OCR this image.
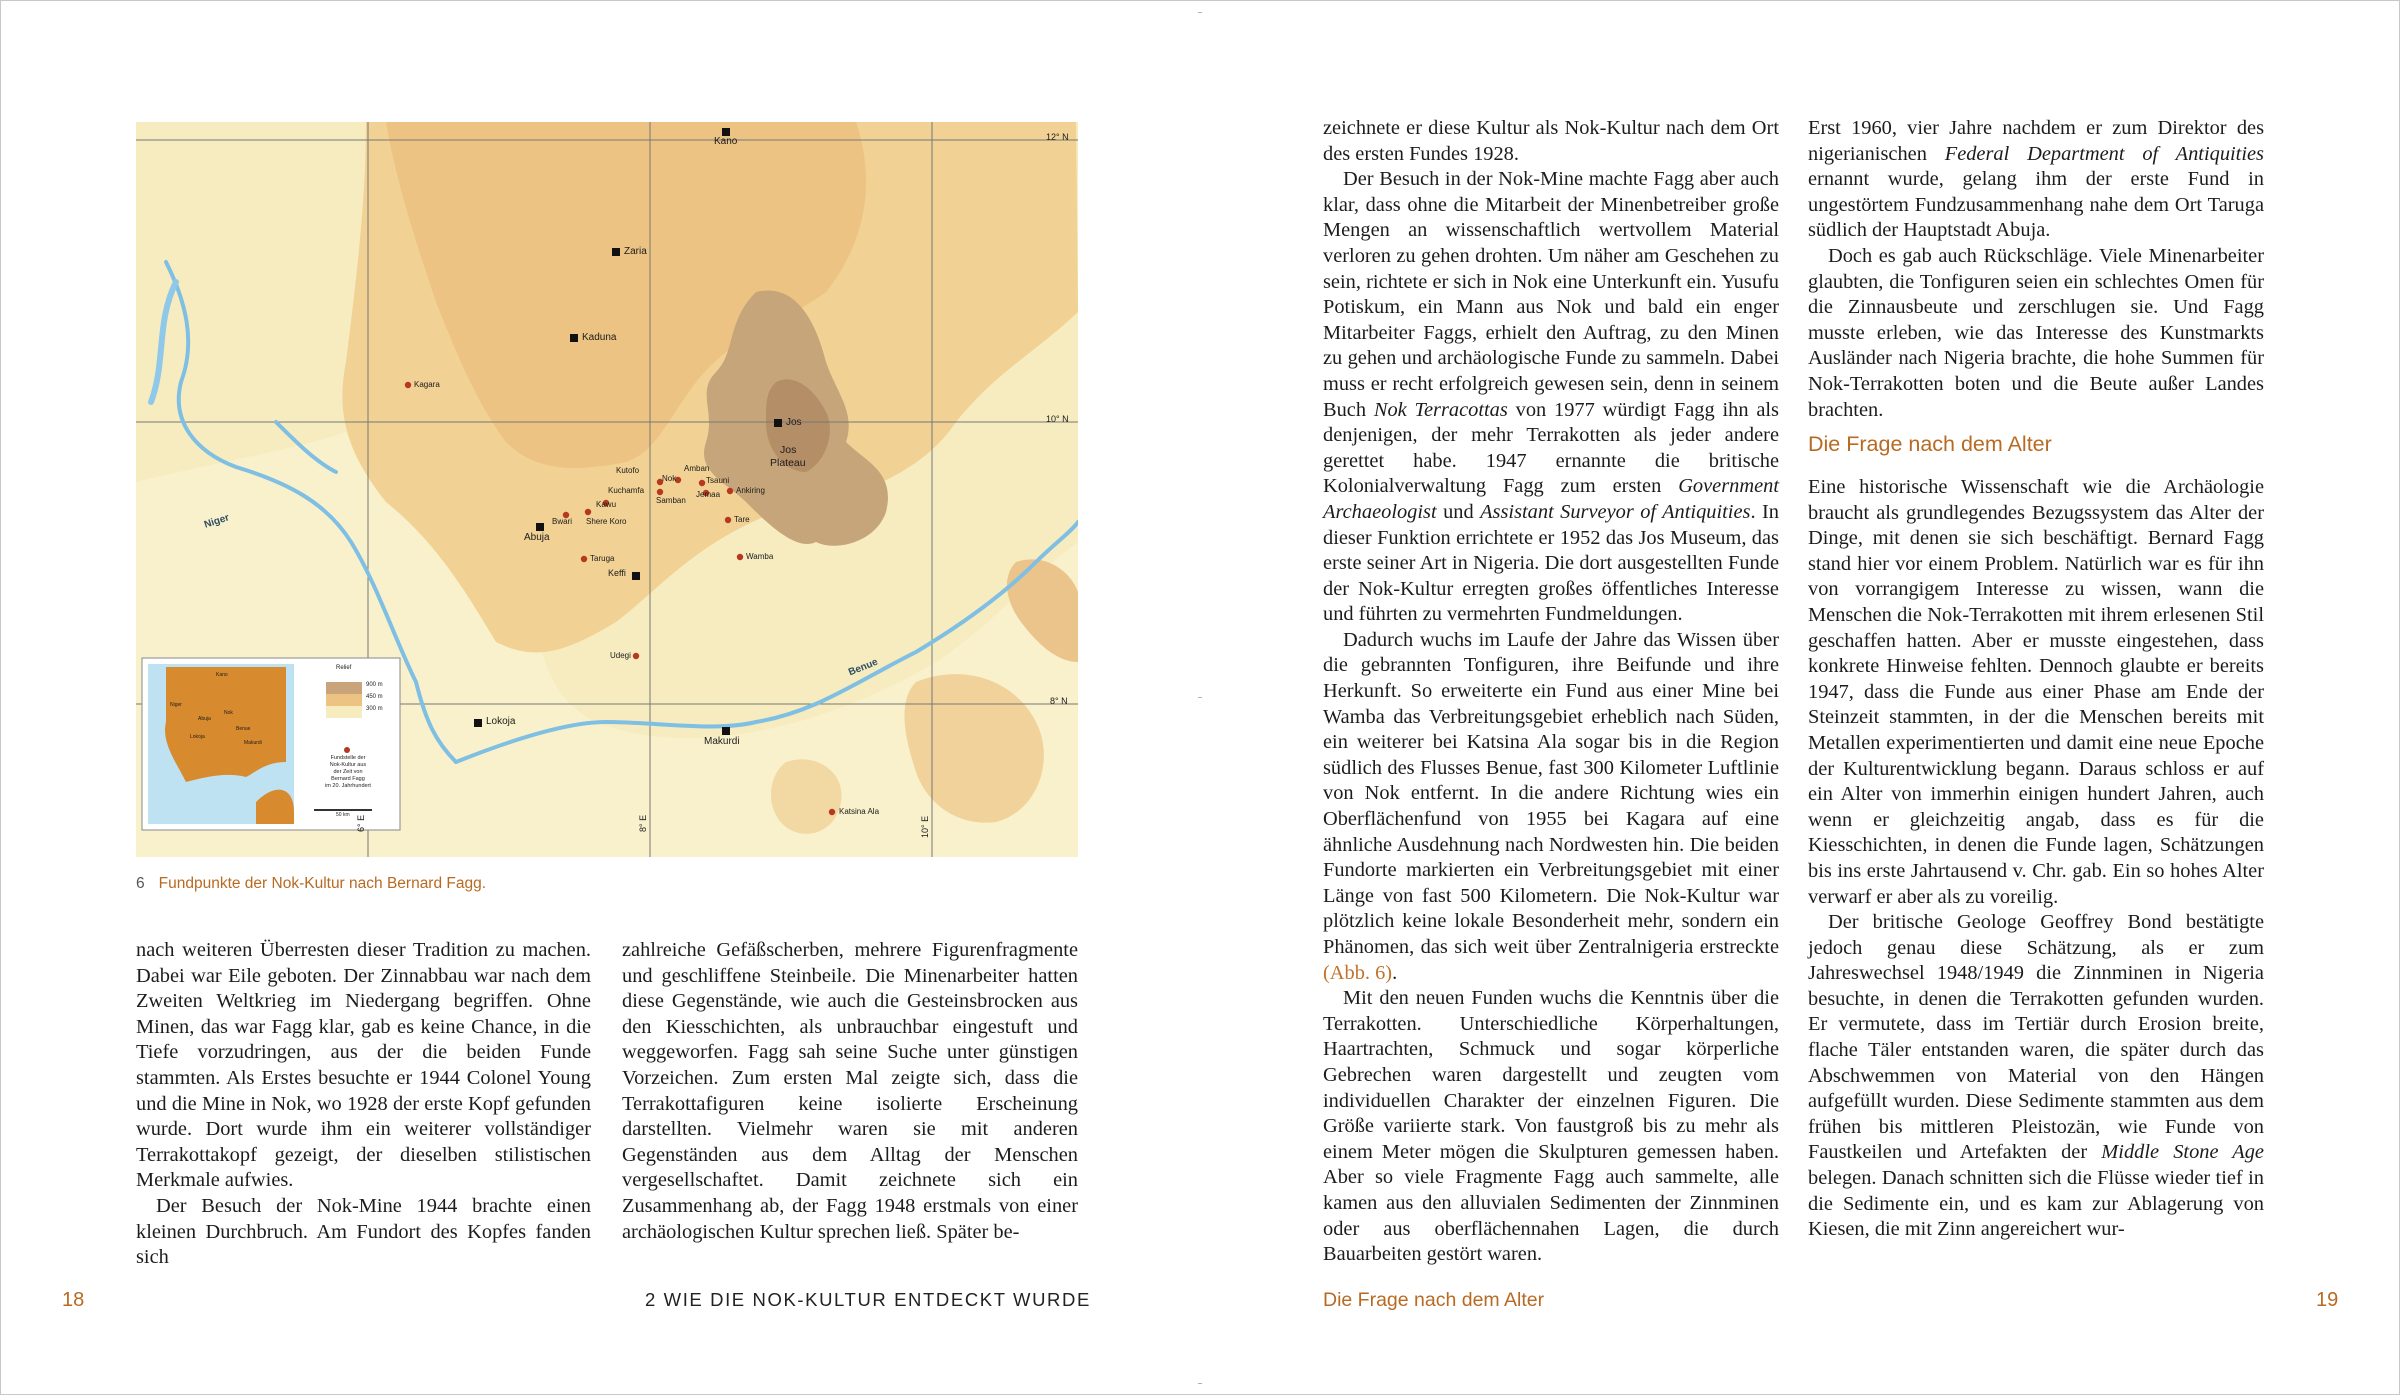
Kano
Zaria
Kaduna
Jos
Abuja
Keffi
Lokoja
Makurdi
Jos
Plateau
Kagara
Kutofo
Nok
Kuchamfa
Samban
Kawu
Bwari Shere Koro
Amban
Tsauni
Jemaa Ankiring
Tare
Taruga	Wamba
Udegi
Katsina Ala
Niger
Benue
12° N
10° N
8° N
6° E	8° E	10° E
Relief
900 m
450 m
300 m
Fundstelle der
Nok-Kultur aus
der Zeit von
Bernard Fagg
im 20. Jahrhundert
50 km
Kano
Nok
Abuja
Lokoja
Benue
Niger
Makurdi
6 Fundpunkte der Nok-Kultur nach Bernard Fagg.

nach weiteren Überresten dieser Tradition zu machen. Dabei war Eile geboten. Der Zinnabbau war nach dem Zweiten Weltkrieg im Niedergang begriffen. Ohne Minen, das war Fagg klar, gab es keine Chance, in die Tiefe vorzudringen, aus der die beiden Funde stammten. Als Erstes besuchte er 1944 Colonel Young und die Mine in Nok, wo 1928 der erste Kopf gefunden wurde. Dort wurde ihm ein weiterer vollständiger Terrakottakopf gezeigt, der dieselben stilistischen Merkmale aufwies.

Der Besuch der Nok-Mine 1944 brachte einen kleinen Durchbruch. Am Fundort des Kopfes fanden sich

zahlreiche Gefäßscherben, mehrere Figurenfragmente und geschliffene Steinbeile. Die Minenarbeiter hatten diese Gegenstände, wie auch die Gesteinsbrocken aus den Kiesschichten, als unbrauchbar eingestuft und weggeworfen. Fagg sah seine Suche unter günstigen Vorzeichen. Zum ersten Mal zeigte sich, dass die Terrakottafiguren keine isolierte Erscheinung darstellten. Vielmehr waren sie mit anderen Gegenständen aus dem Alltag der Menschen vergesellschaftet. Damit zeichnete sich ein Zusammenhang ab, der Fagg 1948 erstmals von einer archäologischen Kultur sprechen ließ. Später be-

zeichnete er diese Kultur als Nok-Kultur nach dem Ort des ersten Fundes 1928.

Der Besuch in der Nok-Mine machte Fagg aber auch klar, dass ohne die Mitarbeit der Minenbetreiber große Mengen an wissenschaftlich wertvollem Material verloren zu gehen drohten. Um näher am Geschehen zu sein, richtete er sich in Nok eine Unterkunft ein. Yusufu Potiskum, ein Mann aus Nok und bald ein enger Mitarbeiter Faggs, erhielt den Auftrag, zu den Minen zu gehen und archäologische Funde zu sammeln. Dabei muss er recht erfolgreich gewesen sein, denn in seinem Buch Nok Terracottas von 1977 würdigt Fagg ihn als denjenigen, der mehr Terrakotten als jeder andere gerettet habe. 1947 ernannte die britische Kolonialverwaltung Fagg zum ersten Government Archaeologist und Assistant Surveyor of Antiquities. In dieser Funktion errichtete er 1952 das Jos Museum, das erste seiner Art in Nigeria. Die dort ausgestellten Funde der Nok-Kultur erregten großes öffentliches Interesse und führten zu vermehrten Fundmeldungen.

Dadurch wuchs im Laufe der Jahre das Wissen über die gebrannten Tonfiguren, ihre Beifunde und ihre Herkunft. So erweiterte ein Fund aus einer Mine bei Wamba das Verbreitungsgebiet erheblich nach Süden, ein weiterer bei Katsina Ala sogar bis in die Region südlich des Flusses Benue, fast 300 Kilometer Luftlinie von Nok entfernt. In die andere Richtung wies ein Oberflächenfund von 1955 bei Kagara auf eine ähnliche Ausdehnung nach Nordwesten hin. Die beiden Fundorte markierten ein Verbreitungsgebiet mit einer Länge von fast 500 Kilometern. Die Nok-Kultur war plötzlich keine lokale Besonderheit mehr, sondern ein Phänomen, das sich weit über Zentralnigeria erstreckte (Abb. 6).

Mit den neuen Funden wuchs die Kenntnis über die Terrakotten. Unterschiedliche Körperhaltungen, Haartrachten, Schmuck und sogar körperliche Gebrechen waren dargestellt und zeugten vom individuellen Charakter der einzelnen Figuren. Die Größe variierte stark. Von faustgroß bis zu mehr als einem Meter mögen die Skulpturen gemessen haben. Aber so viele Fragmente Fagg auch sammelte, alle kamen aus den alluvialen Sedimenten der Zinnminen oder aus oberflächennahen Lagen, die durch Bauarbeiten gestört waren.

Erst 1960, vier Jahre nachdem er zum Direktor des nigerianischen Federal Department of Antiquities ernannt wurde, gelang ihm der erste Fund in ungestörtem Fundzusammenhang nahe dem Ort Taruga südlich der Hauptstadt Abuja.

Doch es gab auch Rückschläge. Viele Minenarbeiter glaubten, die Tonfiguren seien ein schlechtes Omen für die Zinnausbeute und zerschlugen sie. Und Fagg musste erleben, wie das Interesse des Kunstmarkts Ausländer nach Nigeria brachte, die hohe Summen für Nok-Terrakotten boten und die Beute außer Landes brachten.

Die Frage nach dem Alter

Eine historische Wissenschaft wie die Archäologie braucht als grundlegendes Bezugssystem das Alter der Dinge, mit denen sie sich beschäftigt. Bernard Fagg stand hier vor einem Problem. Natürlich war es für ihn von vorrangigem Interesse zu wissen, wann die Menschen die Nok-Terrakotten mit ihrem erlesenen Stil geschaffen hatten. Aber er musste eingestehen, dass konkrete Hinweise fehlten. Dennoch glaubte er bereits 1947, dass die Funde aus einer Phase am Ende der Steinzeit stammten, in der die Menschen bereits mit Metallen experimentierten und damit eine neue Epoche der Kulturentwicklung begann. Daraus schloss er auf ein Alter von immerhin einigen hundert Jahren, auch wenn er gleichzeitig angab, dass es für die Kiesschichten, in denen die Funde lagen, Schätzungen bis ins erste Jahrtausend v. Chr. gab. Ein so hohes Alter verwarf er aber als zu voreilig.

Der britische Geologe Geoffrey Bond bestätigte jedoch genau diese Schätzung, als er zum Jahreswechsel 1948/1949 die Zinnminen in Nigeria besuchte, in denen die Terrakotten gefunden wurden. Er vermutete, dass im Tertiär durch Erosion breite, flache Täler entstanden waren, die später durch das Abschwemmen von Material von den Hängen aufgefüllt wurden. Diese Sedimente stammten aus dem frühen bis mittleren Pleistozän, wie Funde von Faustkeilen und Artefakten der Middle Stone Age belegen. Danach schnitten sich die Flüsse wieder tief in die Sedimente ein, und es kam zur Ablagerung von Kiesen, die mit Zinn angereichert wur-

18	2 WIE DIE NOK-KULTUR ENTDECKT WURDE	Die Frage nach dem Alter	19
